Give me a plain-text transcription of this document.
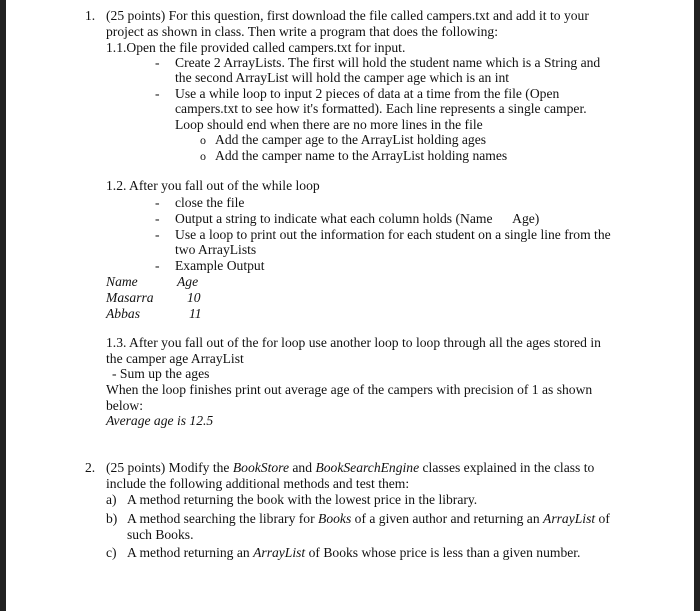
1. (25 points) For this question, first download the file called campers.txt and add it to your
project as shown in class. Then write a program that does the following:
1.1.Open the file provided called campers.txt for input.
- Create 2 ArrayLists. The first will hold the student name which is a String and
the second ArrayList will hold the camper age which is an int
- Use a while loop to input 2 pieces of data at a time from the file (Open
campers.txt to see how it's formatted). Each line represents a single camper.
Loop should end when there are no more lines in the file
o Add the camper age to the ArrayList holding ages
o Add the camper name to the ArrayList holding names
1.2. After you fall out of the while loop
- close the file
- Output a string to indicate what each column holds (Name      Age)
- Use a loop to print out the information for each student on a single line from the
two ArrayLists
- Example Output
Name	Age
Masarra 10
Abbas	11
1.3. After you fall out of the for loop use another loop to loop through all the ages stored in
the camper age ArrayList
- Sum up the ages
When the loop finishes print out average age of the campers with precision of 1 as shown
below:
Average age is 12.5
2. (25 points) Modify the BookStore and BookSearchEngine classes explained in the class to
include the following additional methods and test them:
a) A method returning the book with the lowest price in the library.
b) A method searching the library for Books of a given author and returning an ArrayList of
such Books.
c) A method returning an ArrayList of Books whose price is less than a given number.
